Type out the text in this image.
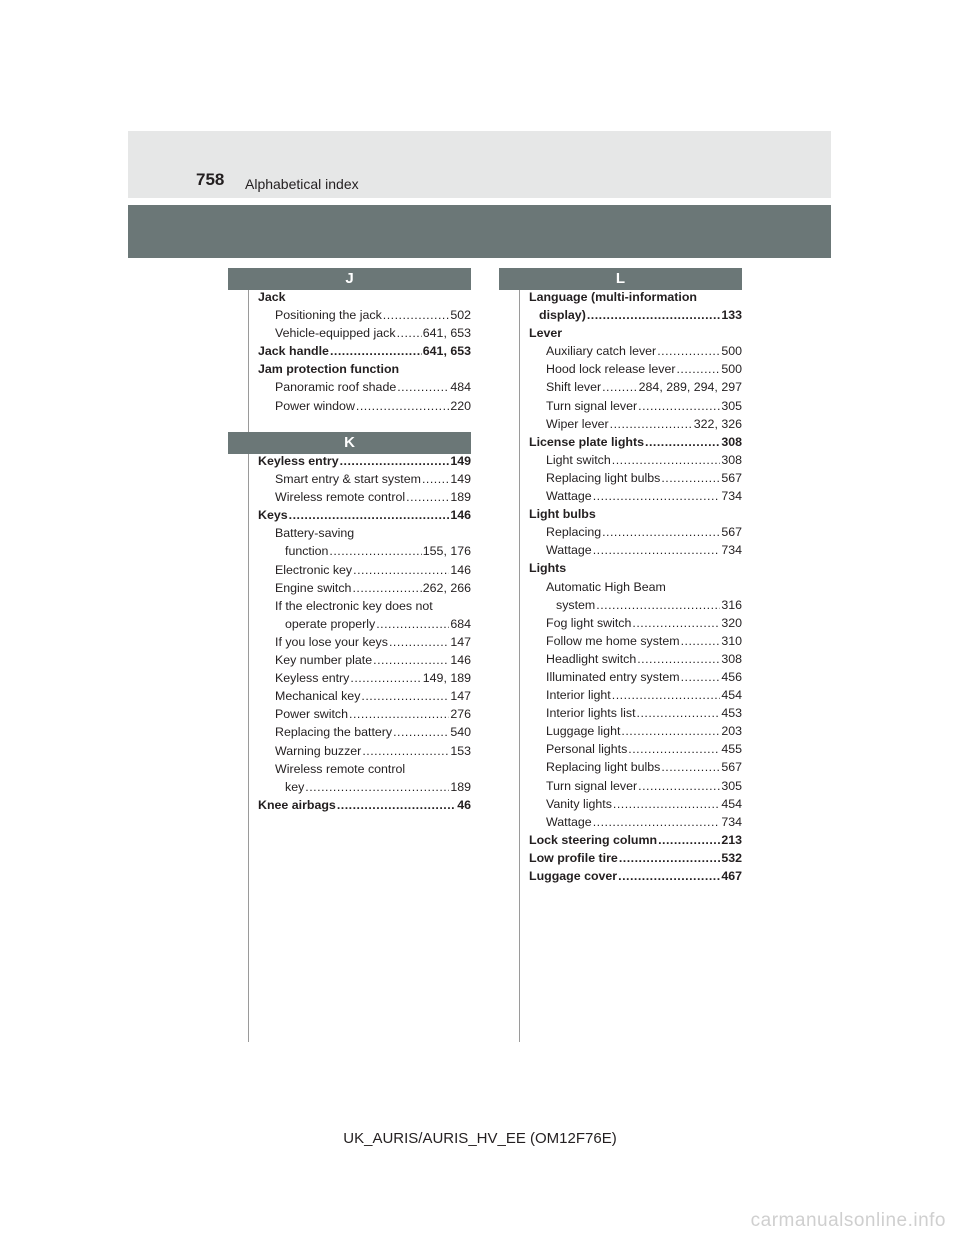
758 Alphabetical index
J
Jack
Positioning the jack .....	502
Vehicle-equipped jack ..... 641, 653
Jack handle .....	641, 653
Jam protection function
Panoramic roof shade .....	484
Power window .....	220
K
Keyless entry .....	149
Smart entry & start system ..... 149
Wireless remote control .....	189
Keys .....	146
Battery-saving
function .....	155, 176
Electronic key .....	146
Engine switch .....	262, 266
If the electronic key does not
operate properly .....	684
If you lose your keys .....	147
Key number plate .....	146
Keyless entry .....	149, 189
Mechanical key .....	147
Power switch .....	276
Replacing the battery .....	540
Warning buzzer .....	153
Wireless remote control
key .....	189
Knee airbags .....	46
L
Language (multi-information
display) .....	133
Lever
Auxiliary catch lever .....	500
Hood lock release lever .....	500
Shift lever .....	284, 289, 294, 297
Turn signal lever .....	305
Wiper lever .....	322, 326
License plate lights .....	308
Light switch .....	308
Replacing light bulbs .....	567
Wattage .....	734
Light bulbs
Replacing .....	567
Wattage .....	734
Lights
Automatic High Beam
system .....	316
Fog light switch .....	320
Follow me home system .....	310
Headlight switch .....	308
Illuminated entry system .....	456
Interior light .....	454
Interior lights list .....	453
Luggage light .....	203
Personal lights .....	455
Replacing light bulbs .....	567
Turn signal lever .....	305
Vanity lights .....	454
Wattage .....	734
Lock steering column .....	213
Low profile tire .....	532
Luggage cover .....	467
UK_AURIS/AURIS_HV_EE (OM12F76E)
carmanualsonline.info
